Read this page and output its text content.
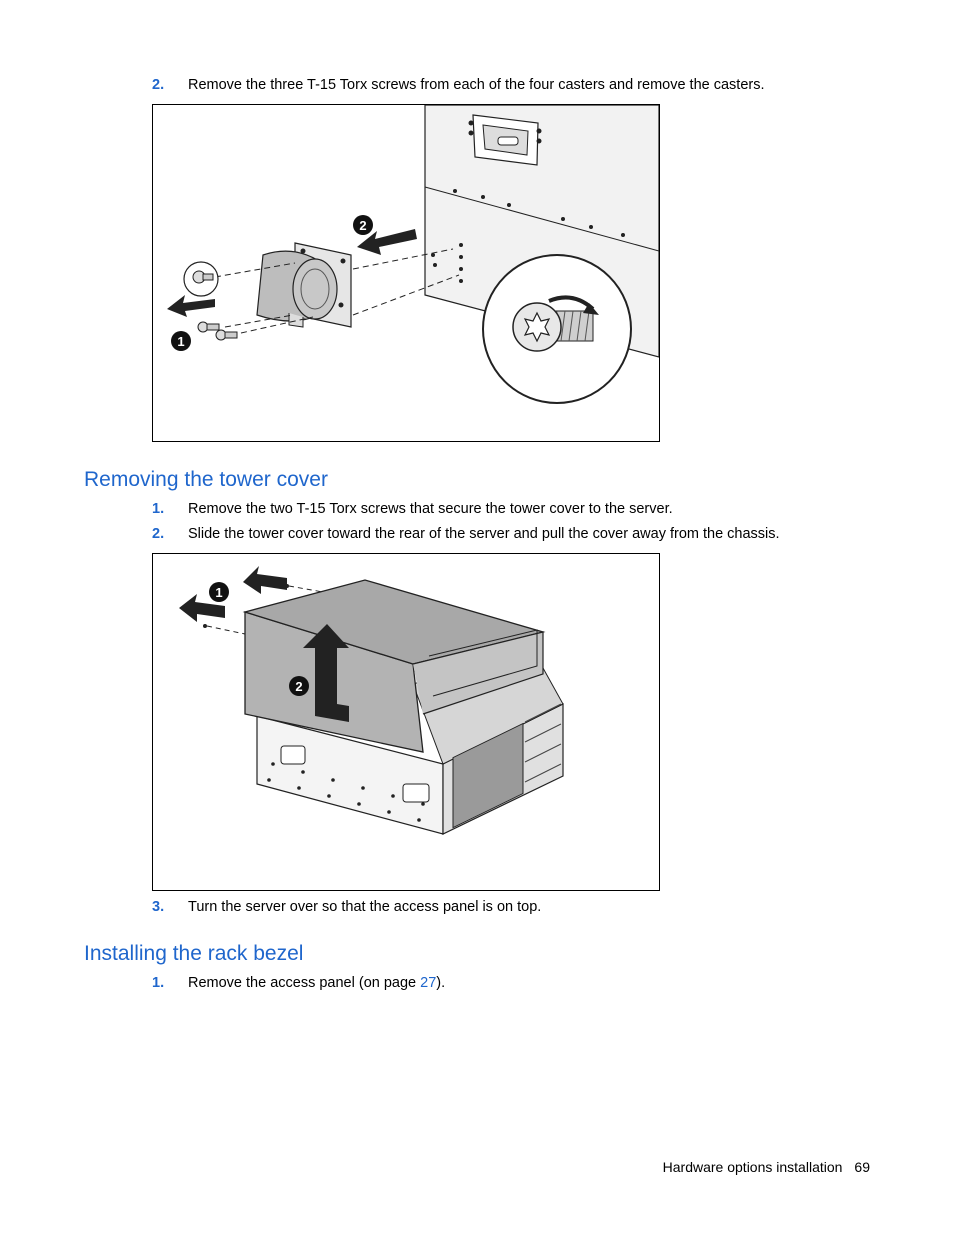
2. Remove the three T-15 Torx screws from each of the four casters and remove the casters.
2
1
Removing the tower cover
1. Remove the two T-15 Torx screws that secure the tower cover to the server.
2. Slide the tower cover toward the rear of the server and pull the cover away from the chassis.
1
2
3. Turn the server over so that the access panel is on top.
Installing the rack bezel
1. Remove the access panel (on page 27).
Hardware options installation 69
